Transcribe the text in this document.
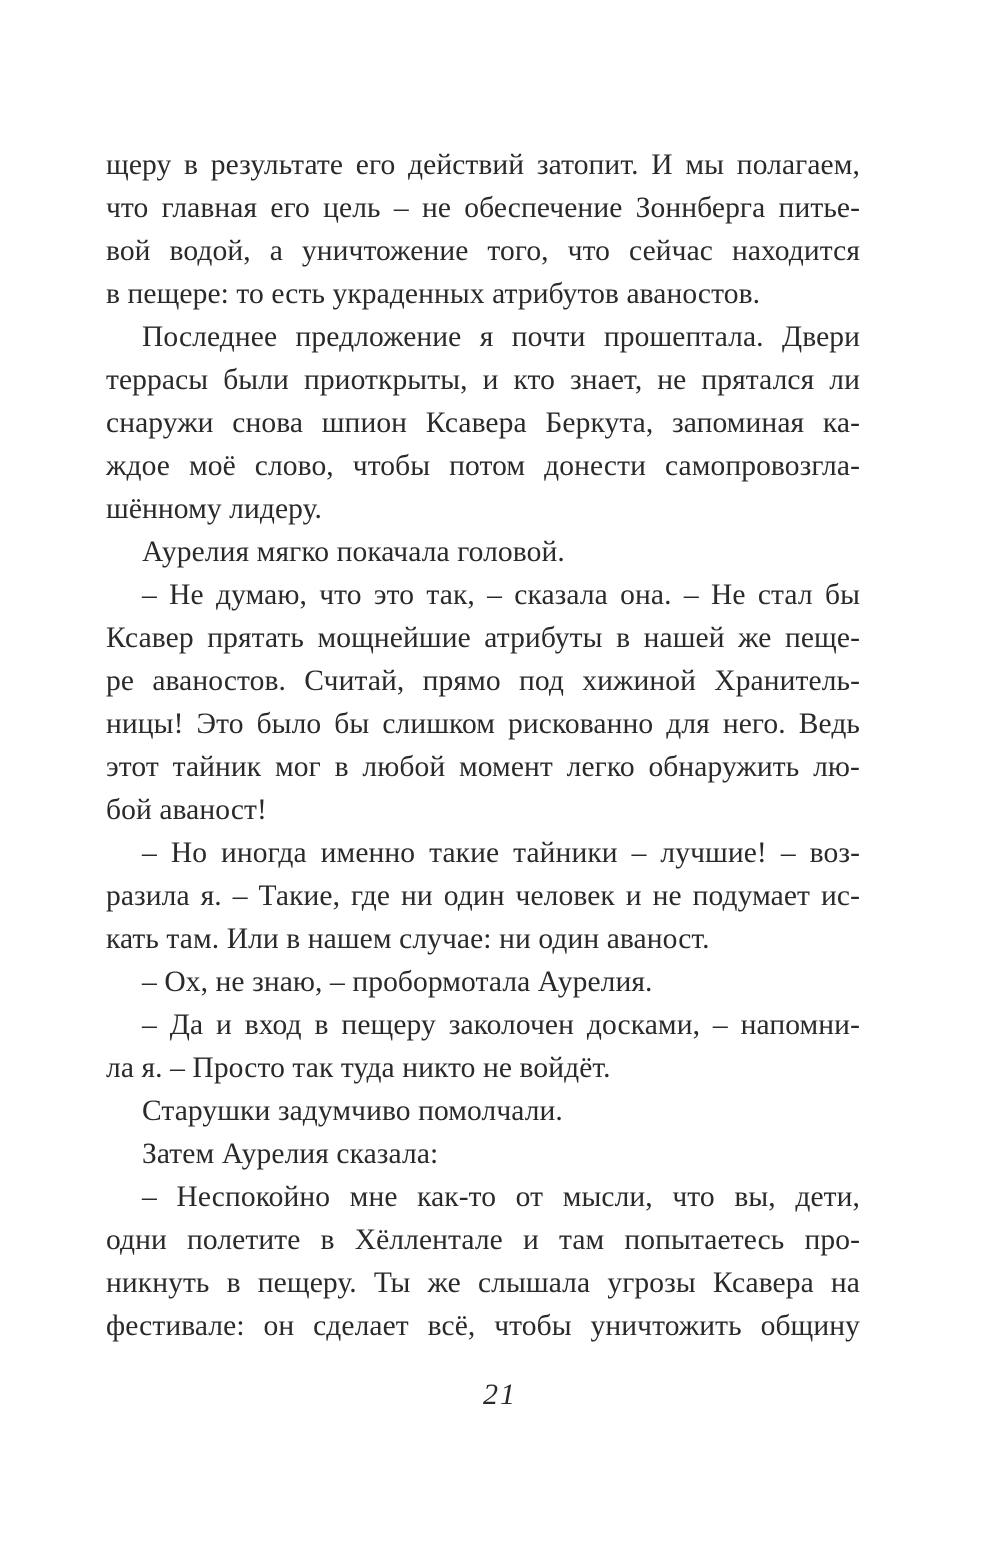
щеру в результате его действий затопит. И мы полагаем,

что главная его цель – не обеспечение Зоннберга питье-

вой водой, а уничтожение того, что сейчас находится

в пещере: то есть украденных атрибутов аваностов.

Последнее предложение я почти прошептала. Двери

террасы были приоткрыты, и кто знает, не прятался ли

снаружи снова шпион Ксавера Беркута, запоминая ка-

ждое моё слово, чтобы потом донести самопровозгла-

шённому лидеру.

Аурелия мягко покачала головой.

– Не думаю, что это так, – сказала она. – Не стал бы

Ксавер прятать мощнейшие атрибуты в нашей же пеще-

ре аваностов. Считай, прямо под хижиной Хранитель-

ницы! Это было бы слишком рискованно для него. Ведь

этот тайник мог в любой момент легко обнаружить лю-

бой аваност!

– Но иногда именно такие тайники – лучшие! – воз-

разила я. – Такие, где ни один человек и не подумает ис-

кать там. Или в нашем случае: ни один аваност.

– Ох, не знаю, – пробормотала Аурелия.

– Да и вход в пещеру заколочен досками, – напомни-

ла я. – Просто так туда никто не войдёт.

Старушки задумчиво помолчали.

Затем Аурелия сказала:

– Неспокойно мне как-то от мысли, что вы, дети,

одни полетите в Хёллентале и там попытаетесь про-

никнуть в пещеру. Ты же слышала угрозы Ксавера на

фестивале: он сделает всё, чтобы уничтожить общину

21
